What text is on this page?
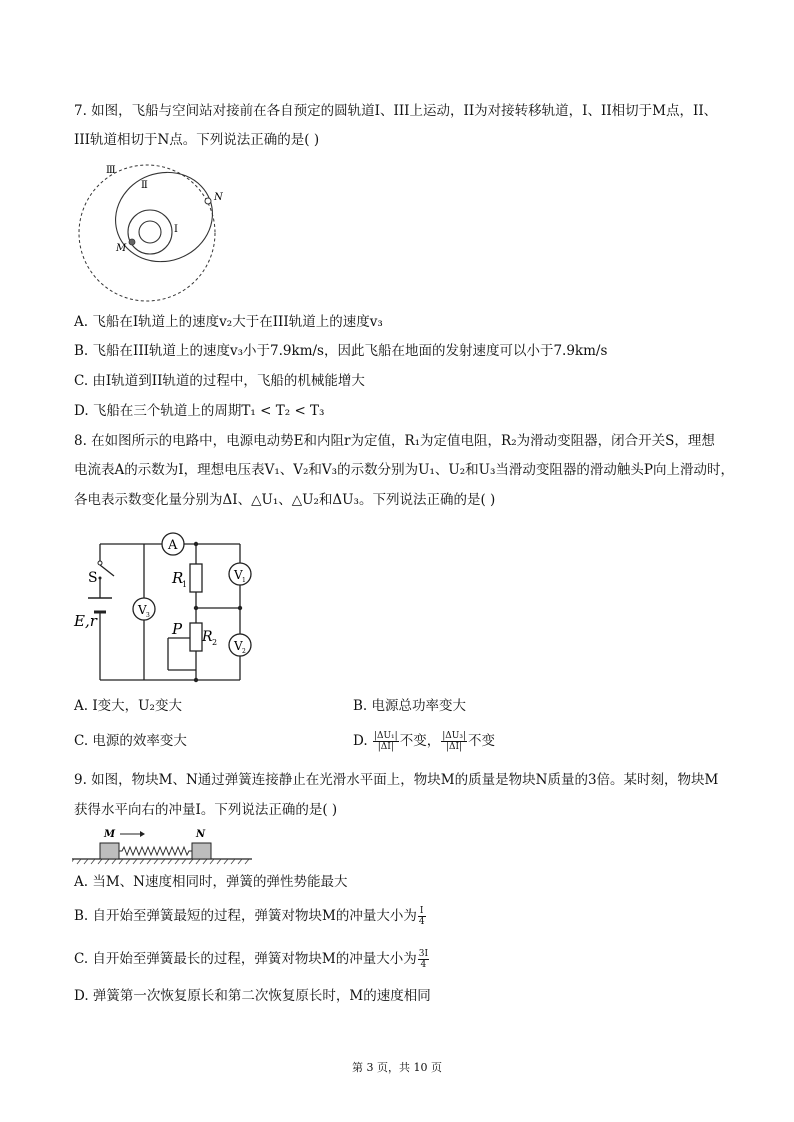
7. 如图，飞船与空间站对接前在各自预定的圆轨道I、III上运动，II为对接转移轨道，I、II相切于M点，II、
III轨道相切于N点。下列说法正确的是( )
Ⅲ
Ⅱ
I
M
N
A. 飞船在I轨道上的速度v₂大于在III轨道上的速度v₃
B. 飞船在III轨道上的速度v₃小于7.9km/s，因此飞船在地面的发射速度可以小于7.9km/s
C. 由I轨道到II轨道的过程中，飞船的机械能增大
D. 飞船在三个轨道上的周期T₁ < T₂ < T₃
8. 在如图所示的电路中，电源电动势E和内阻r为定值，R₁为定值电阻，R₂为滑动变阻器，闭合开关S，理想
电流表A的示数为I，理想电压表V₁、V₂和V₃的示数分别为U₁、U₂和U₃当滑动变阻器的滑动触头P向上滑动时，
各电表示数变化量分别为ΔI、△U₁、△U₂和ΔU₃。下列说法正确的是( )
S
E,r
A
R
1
R 2
P
V 3
V 1
V 2
A. I变大，U₂变大	B. 电源总功率变大
C. 电源的效率变大	D. $\frac{\text{|ΔU₁|}}{|\Delta I|}$ 不变， $\frac{\text{|ΔU₃|}}{|\Delta I|}$ 不变
9. 如图，物块M、N通过弹簧连接静止在光滑水平面上，物块M的质量是物块N质量的3倍。某时刻，物块M
获得水平向右的冲量I。下列说法正确的是( )
M	N
A. 当M、N速度相同时，弹簧的弹性势能最大
B. 自开始至弹簧最短的过程，弹簧对物块M的冲量大小为 $\frac{I}{4}$
C. 自开始至弹簧最长的过程，弹簧对物块M的冲量大小为 $\frac{3I}{4}$
D. 弹簧第一次恢复原长和第二次恢复原长时，M的速度相同
第 3 页，共 10 页
